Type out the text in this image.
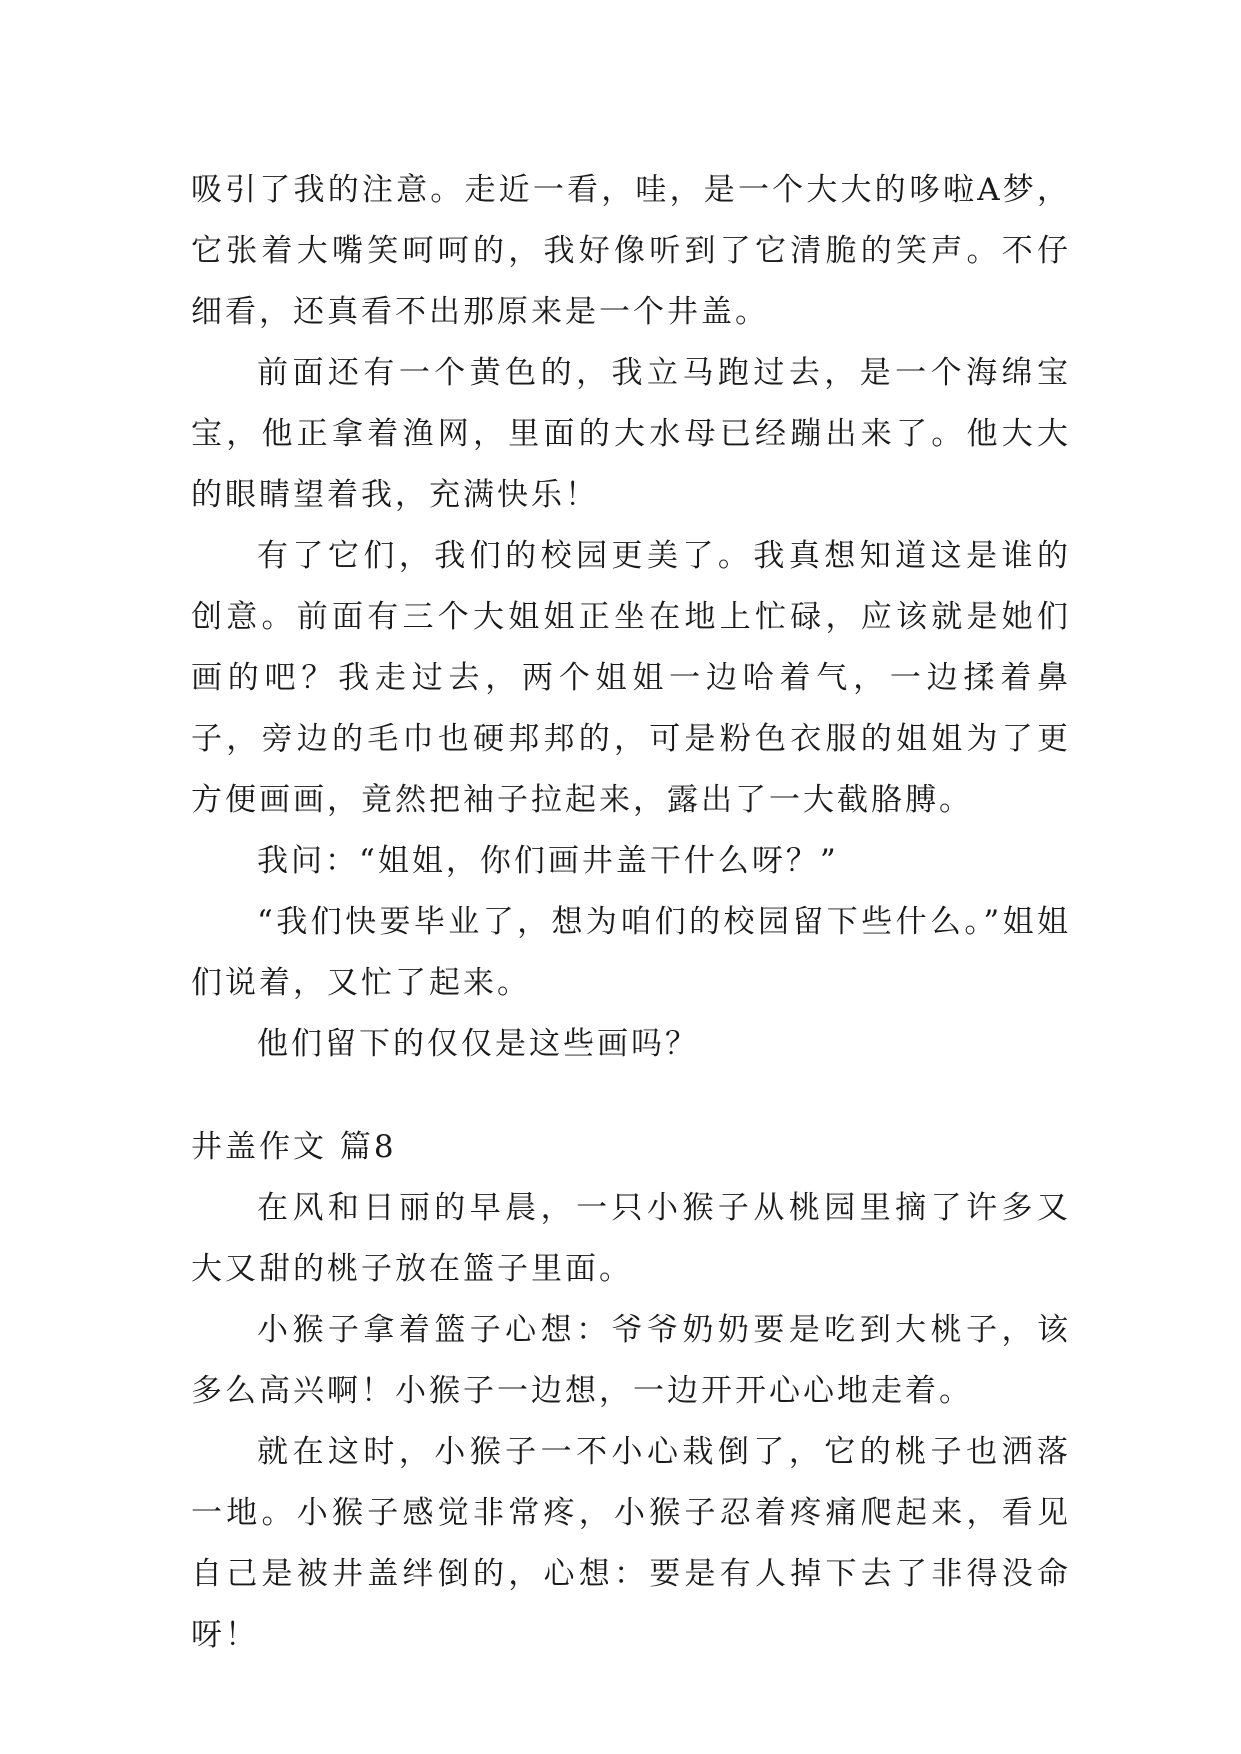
吸引了我的注意。走近一看，哇，是一个大大的哆啦A梦，它张着大嘴笑呵呵的，我好像听到了它清脆的笑声。不仔细看，还真看不出那原来是一个井盖。

前面还有一个黄色的，我立马跑过去，是一个海绵宝宝，他正拿着渔网，里面的大水母已经蹦出来了。他大大的眼睛望着我，充满快乐！

有了它们，我们的校园更美了。我真想知道这是谁的创意。前面有三个大姐姐正坐在地上忙碌，应该就是她们画的吧？我走过去，两个姐姐一边哈着气，一边揉着鼻子，旁边的毛巾也硬邦邦的，可是粉色衣服的姐姐为了更方便画画，竟然把袖子拉起来，露出了一大截胳膊。

我问：“姐姐，你们画井盖干什么呀？”

“我们快要毕业了，想为咱们的校园留下些什么。”姐姐们说着，又忙了起来。

他们留下的仅仅是这些画吗？

井盖作文 篇8

在风和日丽的早晨，一只小猴子从桃园里摘了许多又大又甜的桃子放在篮子里面。

小猴子拿着篮子心想：爷爷奶奶要是吃到大桃子，该多么高兴啊！小猴子一边想，一边开开心心地走着。

就在这时，小猴子一不小心栽倒了，它的桃子也洒落一地。小猴子感觉非常疼，小猴子忍着疼痛爬起来，看见自己是被井盖绊倒的，心想：要是有人掉下去了非得没命呀！
